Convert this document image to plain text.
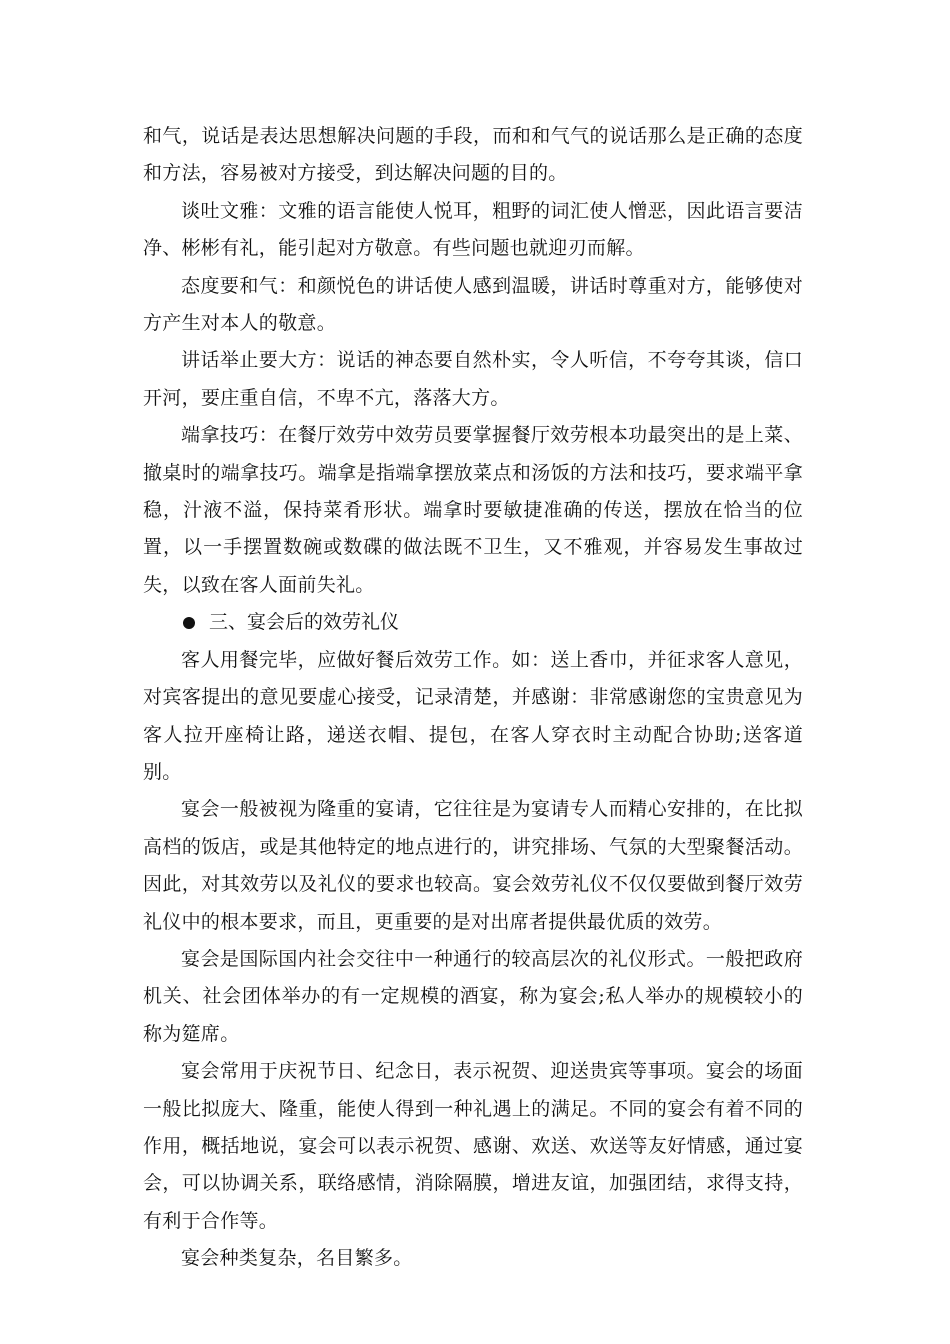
和气，说话是表达思想解决问题的手段，而和和气气的说话那么是正确的态度和方法，容易被对方接受，到达解决问题的目的。

谈吐文雅：文雅的语言能使人悦耳，粗野的词汇使人憎恶，因此语言要洁净、彬彬有礼，能引起对方敬意。有些问题也就迎刃而解。

态度要和气：和颜悦色的讲话使人感到温暖，讲话时尊重对方，能够使对方产生对本人的敬意。

讲话举止要大方：说话的神态要自然朴实，令人听信，不夸夸其谈，信口开河，要庄重自信，不卑不亢，落落大方。

端拿技巧：在餐厅效劳中效劳员要掌握餐厅效劳根本功最突出的是上菜、撤桌时的端拿技巧。端拿是指端拿摆放菜点和汤饭的方法和技巧，要求端平拿稳，汁液不溢，保持菜肴形状。端拿时要敏捷准确的传送，摆放在恰当的位置，以一手摆置数碗或数碟的做法既不卫生，又不雅观，并容易发生事故过失，以致在客人面前失礼。

三、宴会后的效劳礼仪

客人用餐完毕，应做好餐后效劳工作。如：送上香巾，并征求客人意见，对宾客提出的意见要虚心接受，记录清楚，并感谢：非常感谢您的宝贵意见为客人拉开座椅让路，递送衣帽、提包，在客人穿衣时主动配合协助;送客道别。

宴会一般被视为隆重的宴请，它往往是为宴请专人而精心安排的，在比拟高档的饭店，或是其他特定的地点进行的，讲究排场、气氛的大型聚餐活动。因此，对其效劳以及礼仪的要求也较高。宴会效劳礼仪不仅仅要做到餐厅效劳礼仪中的根本要求，而且，更重要的是对出席者提供最优质的效劳。

宴会是国际国内社会交往中一种通行的较高层次的礼仪形式。一般把政府机关、社会团体举办的有一定规模的酒宴，称为宴会;私人举办的规模较小的称为筵席。

宴会常用于庆祝节日、纪念日，表示祝贺、迎送贵宾等事项。宴会的场面一般比拟庞大、隆重，能使人得到一种礼遇上的满足。不同的宴会有着不同的作用，概括地说，宴会可以表示祝贺、感谢、欢送、欢送等友好情感，通过宴会，可以协调关系，联络感情，消除隔膜，增进友谊，加强团结，求得支持，有利于合作等。

宴会种类复杂，名目繁多。
